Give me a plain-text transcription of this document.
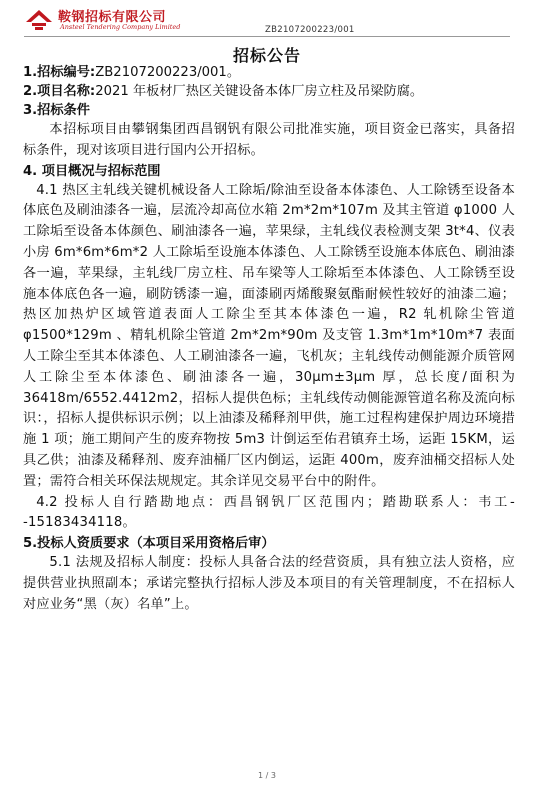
鞍钢招标有限公司
Ansteel Tendering Company Limited	ZB2107200223/001
招标公告

1.招标编号:ZB2107200223/001。

2.项目名称:2021 年板材厂热区关键设备本体厂房立柱及吊梁防腐。

3.招标条件

本招标项目由攀钢集团西昌钢钒有限公司批准实施，项目资金已落实，具备招标条件，现对该项目进行国内公开招标。

4. 项目概况与招标范围

4.1 热区主轧线关键机械设备人工除垢/除油至设备本体漆色、人工除锈至设备本体底色及刷油漆各一遍，层流冷却高位水箱 2m*2m*107m 及其主管道 φ1000 人工除垢至设备本体颜色、刷油漆各一遍，苹果绿，主轧线仪表检测支架 3t*4、仪表小房 6m*6m*6m*2 人工除垢至设施本体漆色、人工除锈至设施本体底色、刷油漆各一遍，苹果绿，主轧线厂房立柱、吊车梁等人工除垢至本体漆色、人工除锈至设施本体底色各一遍，刷防锈漆一遍，面漆刷丙烯酸聚氨酯耐候性较好的油漆二遍；热区加热炉区域管道表面人工除尘至其本体漆色一遍，R2 轧机除尘管道 φ1500*129m 、精轧机除尘管道 2m*2m*90m 及支管 1.3m*1m*10m*7 表面人工除尘至其本体漆色、人工刷油漆各一遍，飞机灰；主轧线传动侧能源介质管网人工除尘至本体漆色、刷油漆各一遍，30μm±3μm 厚，总长度/面积为 36418m/6552.4412m2，招标人提供色标；主轧线传动侧能源管道名称及流向标识：，招标人提供标识示例；以上油漆及稀释剂甲供，施工过程构建保护周边环境措施 1 项；施工期间产生的废弃物按 5m3 计倒运至佑君镇弃土场，运距 15KM，运具乙供；油漆及稀释剂、废弃油桶厂区内倒运，运距 400m，废弃油桶交招标人处置；需符合相关环保法规规定。其余详见交易平台中的附件。

4.2 投标人自行踏勘地点：西昌钢钒厂区范围内；踏勘联系人：韦工--15183434118。

5.投标人资质要求（本项目采用资格后审）

5.1 法规及招标人制度：投标人具备合法的经营资质，具有独立法人资格，应提供营业执照副本；承诺完整执行招标人涉及本项目的有关管理制度，不在招标人对应业务“黑（灰）名单”上。

1 / 3
